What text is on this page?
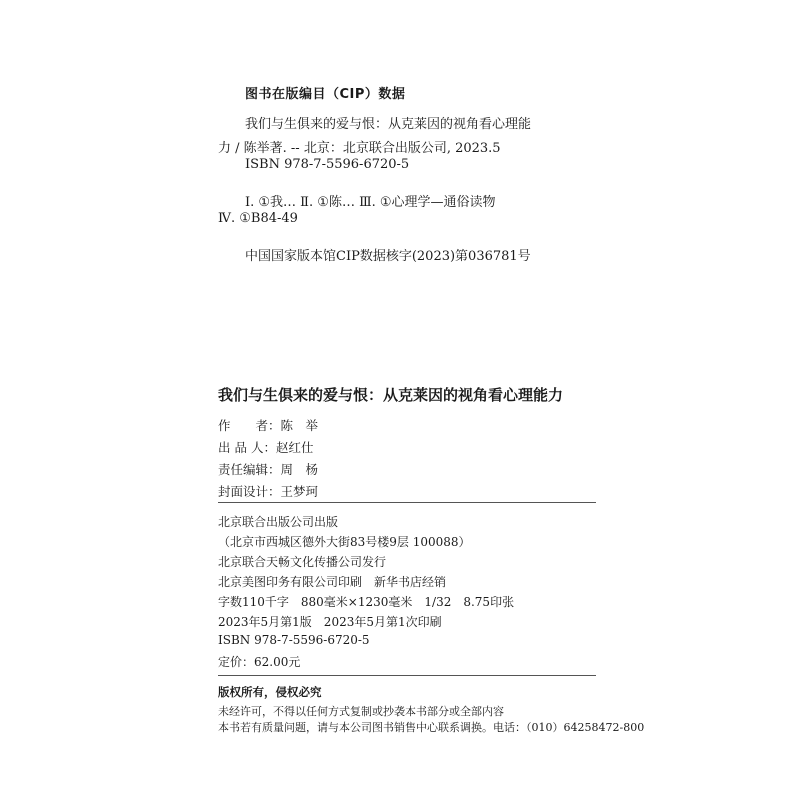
图书在版编目（CIP）数据
我们与生俱来的爱与恨：从克莱因的视角看心理能
力 / 陈举著. -- 北京：北京联合出版公司, 2023.5
ISBN 978-7-5596-6720-5
Ⅰ. ①我… Ⅱ. ①陈… Ⅲ. ①心理学—通俗读物
Ⅳ. ①B84-49
中国国家版本馆CIP数据核字(2023)第036781号
我们与生俱来的爱与恨：从克莱因的视角看心理能力
作　　者：陈　举
出 品 人：赵红仕
责任编辑：周　杨
封面设计：王梦珂
北京联合出版公司出版
（北京市西城区德外大街83号楼9层 100088）
北京联合天畅文化传播公司发行
北京美图印务有限公司印刷　新华书店经销
字数110千字　880毫米×1230毫米　1/32　8.75印张
2023年5月第1版　2023年5月第1次印刷
ISBN 978-7-5596-6720-5
定价：62.00元
版权所有，侵权必究
未经许可，不得以任何方式复制或抄袭本书部分或全部内容
本书若有质量问题，请与本公司图书销售中心联系调换。电话：（010）64258472-800
